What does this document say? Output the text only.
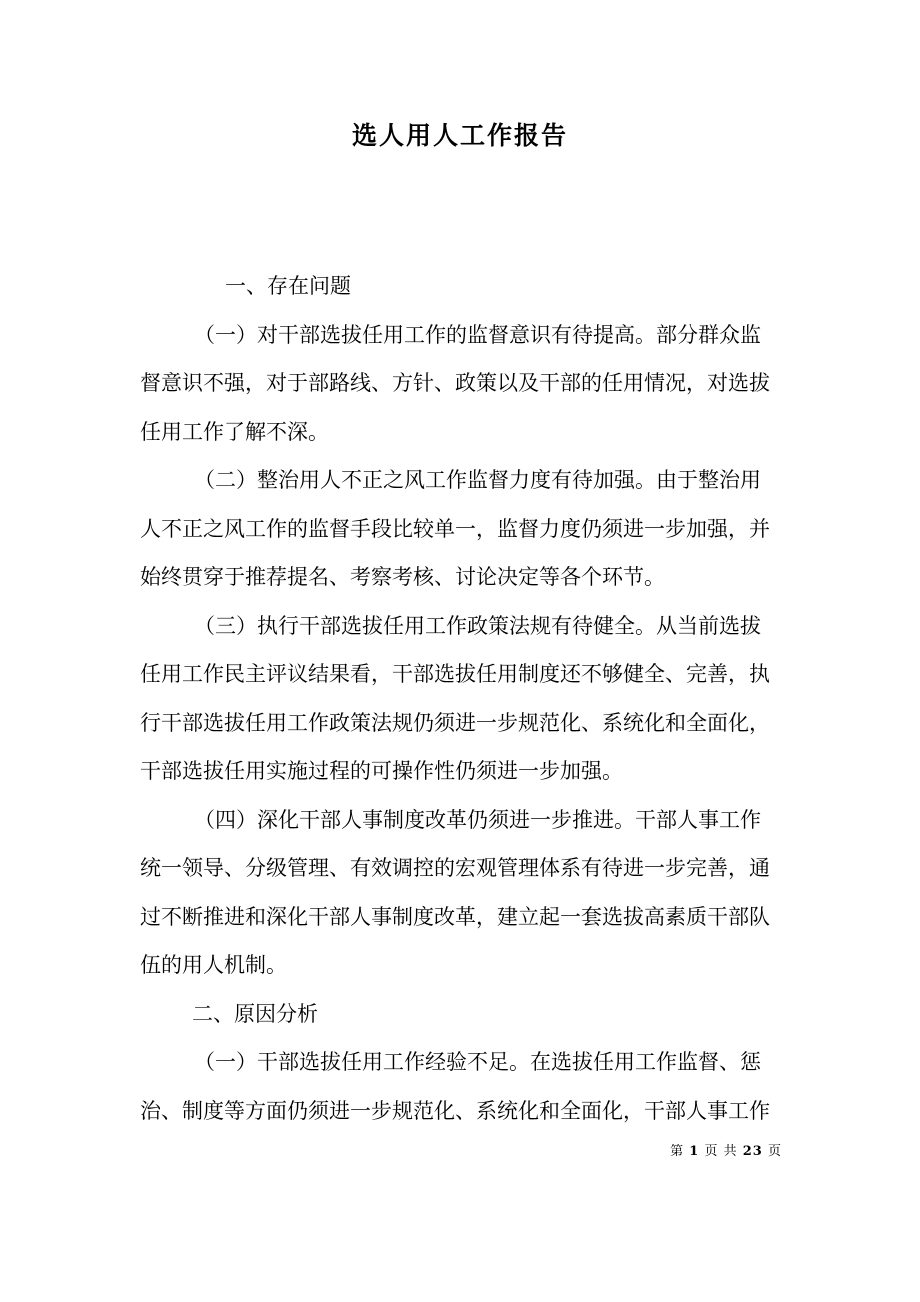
选人用人工作报告
一、存在问题
（一）对干部选拔任用工作的监督意识有待提高。部分群众监
督意识不强，对于部路线、方针、政策以及干部的任用情况，对选拔
任用工作了解不深。
（二）整治用人不正之风工作监督力度有待加强。由于整治用
人不正之风工作的监督手段比较单一，监督力度仍须进一步加强，并
始终贯穿于推荐提名、考察考核、讨论决定等各个环节。
（三）执行干部选拔任用工作政策法规有待健全。从当前选拔
任用工作民主评议结果看，干部选拔任用制度还不够健全、完善，执
行干部选拔任用工作政策法规仍须进一步规范化、系统化和全面化，
干部选拔任用实施过程的可操作性仍须进一步加强。
（四）深化干部人事制度改革仍须进一步推进。干部人事工作
统一领导、分级管理、有效调控的宏观管理体系有待进一步完善，通
过不断推进和深化干部人事制度改革，建立起一套选拔高素质干部队
伍的用人机制。
二、原因分析
（一）干部选拔任用工作经验不足。在选拔任用工作监督、惩
治、制度等方面仍须进一步规范化、系统化和全面化，干部人事工作
第 1 页 共 23 页
